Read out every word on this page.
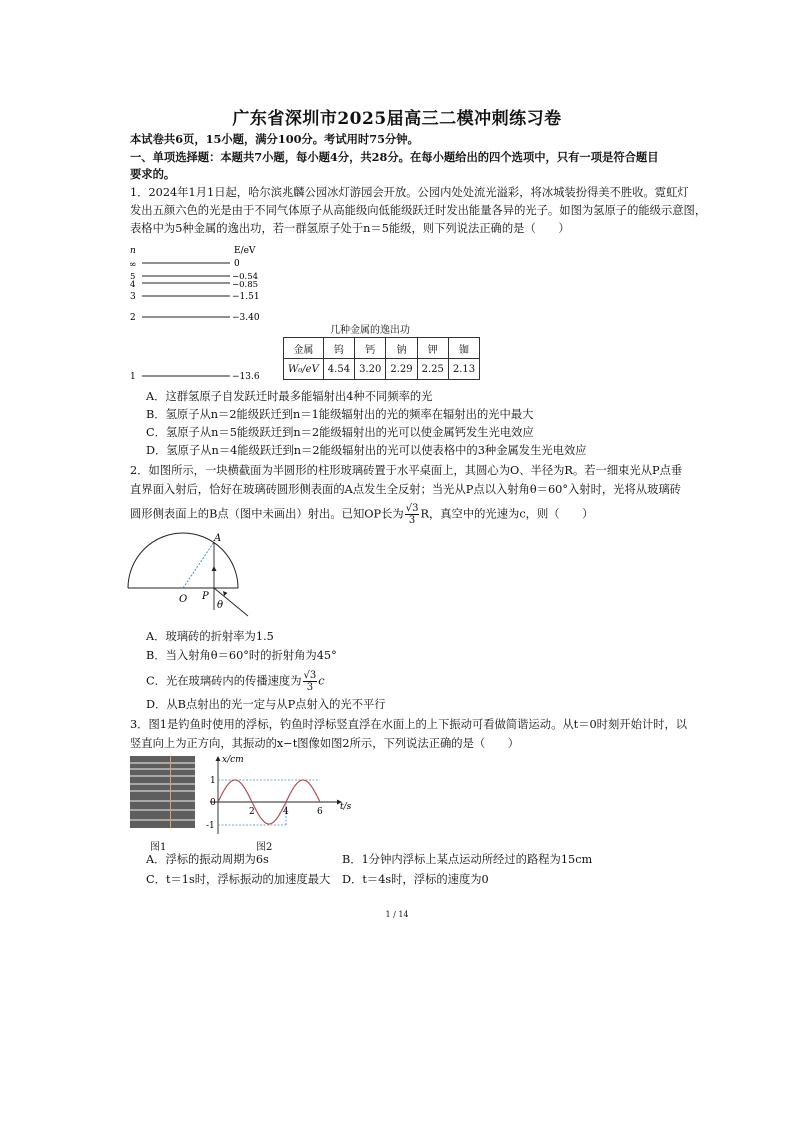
广东省深圳市2025届高三二模冲刺练习卷
本试卷共6页，15小题，满分100分。考试用时75分钟。
一、单项选择题：本题共7小题，每小题4分，共28分。在每小题给出的四个选项中，只有一项是符合题目
要求的。
1．2024年1月1日起，哈尔滨兆麟公园冰灯游园会开放。公园内处处流光溢彩，将冰城装扮得美不胜收。霓虹灯
发出五颜六色的光是由于不同气体原子从高能级向低能级跃迁时发出能量各异的光子。如图为氢原子的能级示意图，
表格中为5种金属的逸出功，若一群氢原子处于n＝5能级，则下列说法正确的是（　　）
n	E/eV
∞	0
5	−0.54
4	−0.85
3	−1.51
2	−3.40
1	−13.6
几种金属的逸出功
金属	钨	钙	钠	钾	铷
W₀/eV	4.54	3.20	2.29	2.25	2.13
A．这群氢原子自发跃迁时最多能辐射出4种不同频率的光
B．氢原子从n＝2能级跃迁到n＝1能级辐射出的光的频率在辐射出的光中最大
C．氢原子从n＝5能级跃迁到n＝2能级辐射出的光可以使金属钙发生光电效应
D．氢原子从n＝4能级跃迁到n＝2能级辐射出的光可以使表格中的3种金属发生光电效应
2．如图所示，一块横截面为半圆形的柱形玻璃砖置于水平桌面上，其圆心为O、半径为R。若一细束光从P点垂
直界面入射后，恰好在玻璃砖圆形侧表面的A点发生全反射；当光从P点以入射角θ＝60°入射时，光将从玻璃砖
圆形侧表面上的B点（图中未画出）射出。已知OP长为 $\frac{√3}{3}$ R，真空中的光速为c，则（　　）
A
O P
θ
A．玻璃砖的折射率为1.5
B．当入射角θ＝60°时的折射角为45°
C．光在玻璃砖内的传播速度为 $\frac{√3}{3}$ c
D．从B点射出的光一定与从P点射入的光不平行
3．图1是钓鱼时使用的浮标，钓鱼时浮标竖直浮在水面上的上下振动可看做简谐运动。从t＝0时刻开始计时，以
竖直向上为正方向，其振动的x−t图像如图2所示，下列说法正确的是（　　）
x/cm
t/s
1
0
-1
2	4	6
图1	图2
A．浮标的振动周期为6s	B．1分钟内浮标上某点运动所经过的路程为15cm
C．t＝1s时，浮标振动的加速度最大 D．t＝4s时，浮标的速度为0
1 / 14
